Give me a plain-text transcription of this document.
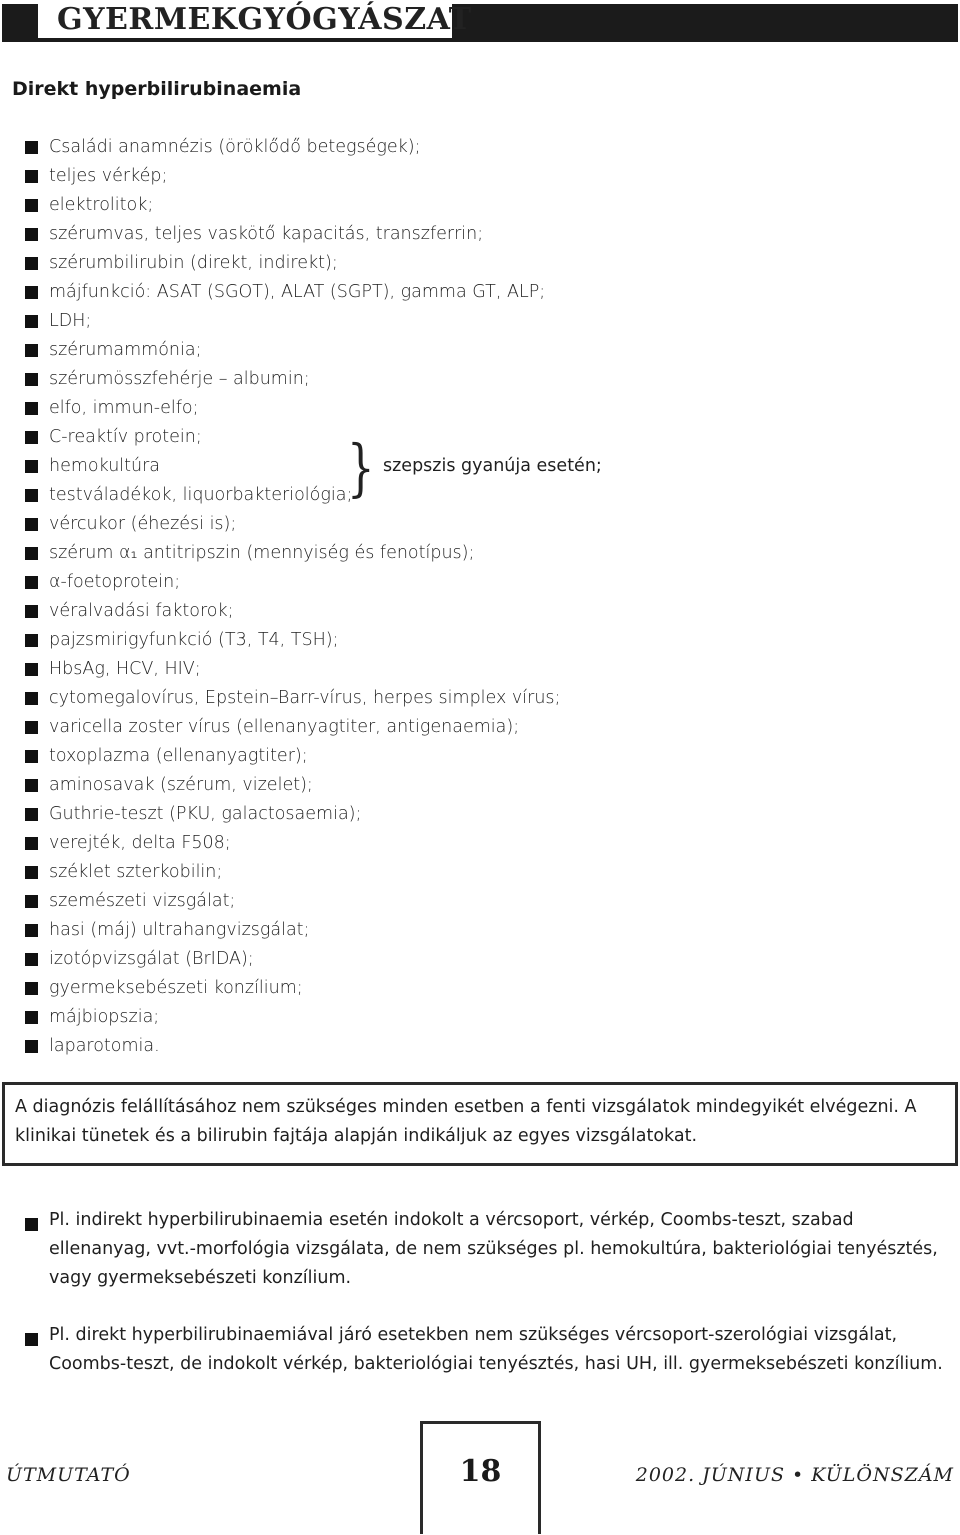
GYERMEKGYÓGYÁSZAT
Direkt hyperbilirubinaemia
Családi anamnézis (öröklődő betegségek);
teljes vérkép;
elektrolitok;
szérumvas, teljes vaskötő kapacitás, transzferrin;
szérumbilirubin (direkt, indirekt);
májfunkció: ASAT (SGOT), ALAT (SGPT), gamma GT, ALP;
LDH;
szérumammónia;
szérumösszfehérje – albumin;
elfo, immun-elfo;
C-reaktív protein;
hemokultúra
testváladékok, liquorbakteriológia;
vércukor (éhezési is);
szérum α₁ antitripszin (mennyiség és fenotípus);
α-foetoprotein;
véralvadási faktorok;
pajzsmirigyfunkció (T3, T4, TSH);
HbsAg, HCV, HIV;
cytomegalovírus, Epstein–Barr-vírus, herpes simplex vírus;
varicella zoster vírus (ellenanyagtiter, antigenaemia);
toxoplazma (ellenanyagtiter);
aminosavak (szérum, vizelet);
Guthrie-teszt (PKU, galactosaemia);
verejték, delta F508;
széklet szterkobilin;
szemészeti vizsgálat;
hasi (máj) ultrahangvizsgálat;
izotópvizsgálat (BrIDA);
gyermeksebészeti konzílium;
májbiopszia;
laparotomia.
} szepszis gyanúja esetén;
A diagnózis felállításához nem szükséges minden esetben a fenti vizsgálatok mindegyikét elvégezni. A klinikai tünetek és a bilirubin fajtája alapján indikáljuk az egyes vizsgálatokat.
Pl. indirekt hyperbilirubinaemia esetén indokolt a vércsoport, vérkép, Coombs-teszt, szabad ellenanyag, vvt.-morfológia vizsgálata, de nem szükséges pl. hemokultúra, bakteriológiai tenyésztés, vagy gyermeksebészeti konzílium.
Pl. direkt hyperbilirubinaemiával járó esetekben nem szükséges vércsoport-szerológiai vizsgálat, Coombs-teszt, de indokolt vérkép, bakteriológiai tenyésztés, hasi UH, ill. gyermeksebészeti konzílium.
ÚTMUTATÓ	18	2002. JÚNIUS • KÜLÖNSZÁM
